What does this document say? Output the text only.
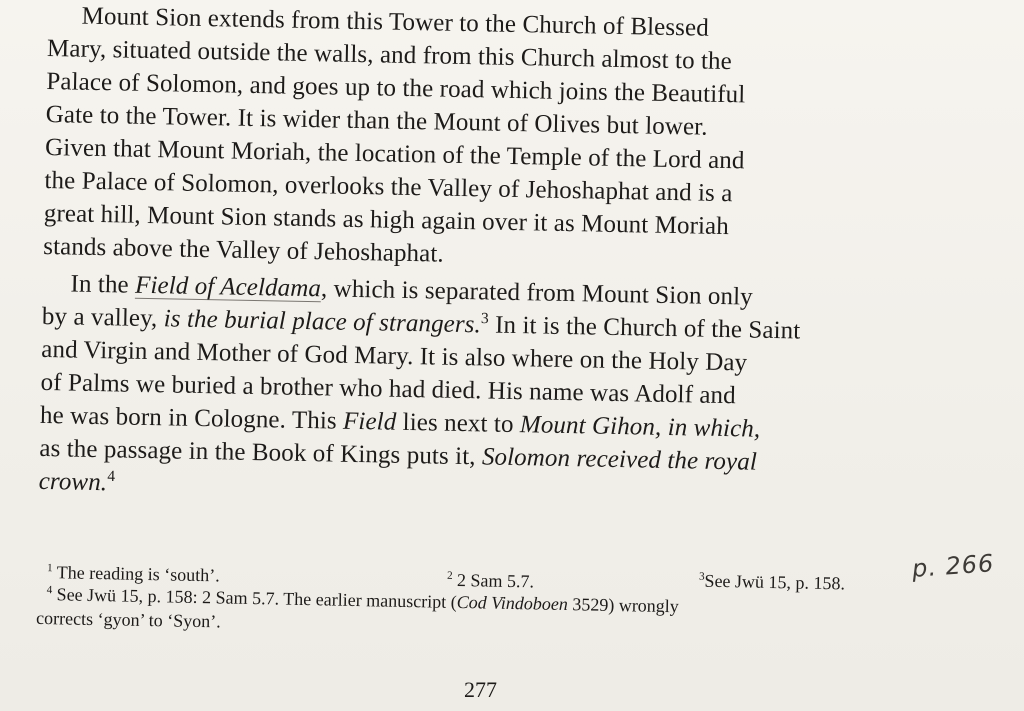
Mount Sion extends from this Tower to the Church of Blessed
Mary, situated outside the walls, and from this Church almost to the
Palace of Solomon, and goes up to the road which joins the Beautiful
Gate to the Tower. It is wider than the Mount of Olives but lower.
Given that Mount Moriah, the location of the Temple of the Lord and
the Palace of Solomon, overlooks the Valley of Jehoshaphat and is a
great hill, Mount Sion stands as high again over it as Mount Moriah
stands above the Valley of Jehoshaphat.
In the Field of Aceldama, which is separated from Mount Sion only
by a valley, is the burial place of strangers.$^3$ In it is the Church of the Saint
and Virgin and Mother of God Mary. It is also where on the Holy Day
of Palms we buried a brother who had died. His name was Adolf and
he was born in Cologne. This Field lies next to Mount Gihon, in which,
as the passage in the Book of Kings puts it, Solomon received the royal
crown.$^4$
$^1$ The reading is ‘south’.	$^2$ 2 Sam 5.7.	$^3$See Jwü 15, p. 158.
$^4$ See Jwü 15, p. 158: 2 Sam 5.7. The earlier manuscript (Cod Vindoboen 3529) wrongly
corrects ‘gyon’ to ‘Syon’.
277
p. 266
